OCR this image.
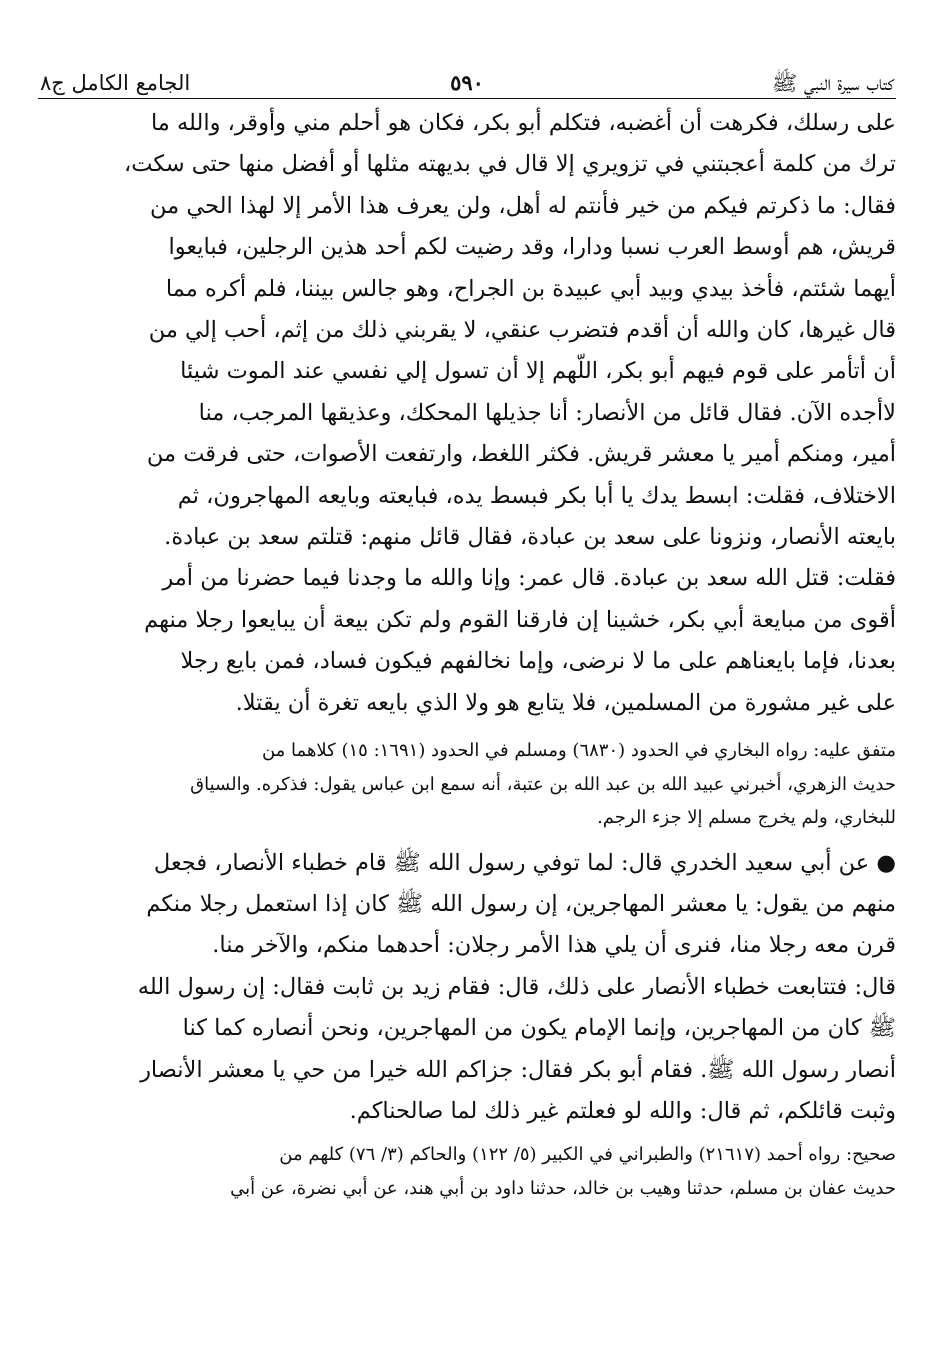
كتاب سيرة النبي ﷺ
٥٩٠
الجامع الكامل ج٨
على رسلك، فكرهت أن أغضبه، فتكلم أبو بكر، فكان هو أحلم مني وأوقر، والله ما
ترك من كلمة أعجبتني في تزويري إلا قال في بديهته مثلها أو أفضل منها حتى سكت،
فقال: ما ذكرتم فيكم من خير فأنتم له أهل، ولن يعرف هذا الأمر إلا لهذا الحي من
قريش، هم أوسط العرب نسبا ودارا، وقد رضيت لكم أحد هذين الرجلين، فبايعوا
أيهما شئتم، فأخذ بيدي وبيد أبي عبيدة بن الجراح، وهو جالس بيننا، فلم أكره مما
قال غيرها، كان والله أن أقدم فتضرب عنقي، لا يقربني ذلك من إثم، أحب إلي من
أن أتأمر على قوم فيهم أبو بكر، اللّهم إلا أن تسول إلي نفسي عند الموت شيئا
لاأجده الآن. فقال قائل من الأنصار: أنا جذيلها المحكك، وعذيقها المرجب، منا
أمير، ومنكم أمير يا معشر قريش. فكثر اللغط، وارتفعت الأصوات، حتى فرقت من
الاختلاف، فقلت: ابسط يدك يا أبا بكر فبسط يده، فبايعته وبايعه المهاجرون، ثم
بايعته الأنصار، ونزونا على سعد بن عبادة، فقال قائل منهم: قتلتم سعد بن عبادة.
فقلت: قتل الله سعد بن عبادة. قال عمر: وإنا والله ما وجدنا فيما حضرنا من أمر
أقوى من مبايعة أبي بكر، خشينا إن فارقنا القوم ولم تكن بيعة أن يبايعوا رجلا منهم
بعدنا، فإما بايعناهم على ما لا نرضى، وإما نخالفهم فيكون فساد، فمن بايع رجلا
على غير مشورة من المسلمين، فلا يتابع هو ولا الذي بايعه تغرة أن يقتلا.
متفق عليه: رواه البخاري في الحدود (٦٨٣٠) ومسلم في الحدود (١٦٩١: ١٥) كلاهما من
حديث الزهري، أخبرني عبيد الله بن عبد الله بن عتبة، أنه سمع ابن عباس يقول: فذكره. والسياق
للبخاري، ولم يخرج مسلم إلا جزء الرجم.
● عن أبي سعيد الخدري قال: لما توفي رسول الله ﷺ قام خطباء الأنصار، فجعل
منهم من يقول: يا معشر المهاجرين، إن رسول الله ﷺ كان إذا استعمل رجلا منكم
قرن معه رجلا منا، فنرى أن يلي هذا الأمر رجلان: أحدهما منكم، والآخر منا.
قال: فتتابعت خطباء الأنصار على ذلك، قال: فقام زيد بن ثابت فقال: إن رسول الله
ﷺ كان من المهاجرين، وإنما الإمام يكون من المهاجرين، ونحن أنصاره كما كنا
أنصار رسول الله ﷺ. فقام أبو بكر فقال: جزاكم الله خيرا من حي يا معشر الأنصار
وثبت قائلكم، ثم قال: والله لو فعلتم غير ذلك لما صالحناكم.
صحيح: رواه أحمد (٢١٦١٧) والطبراني في الكبير (٥/ ١٢٢) والحاكم (٣/ ٧٦) كلهم من
حديث عفان بن مسلم، حدثنا وهيب بن خالد، حدثنا داود بن أبي هند، عن أبي نضرة، عن أبي
